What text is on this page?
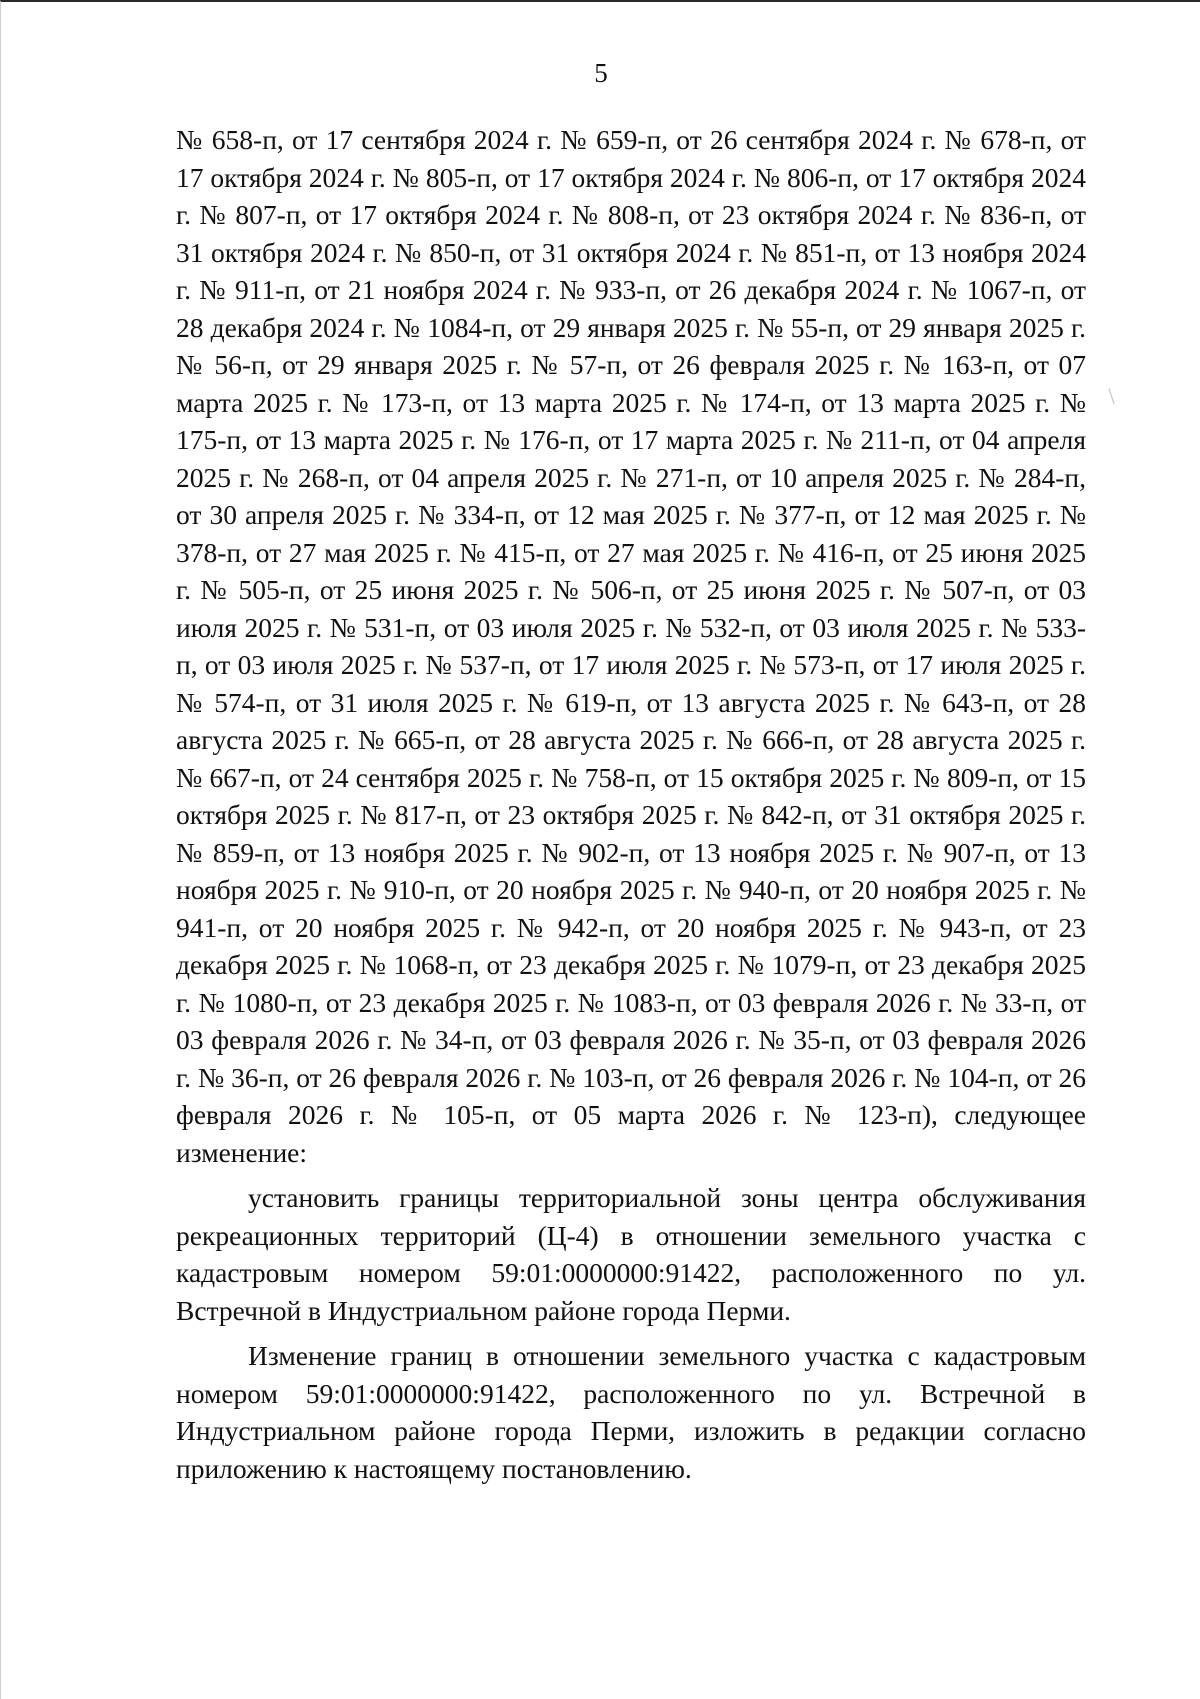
5

№ 658-п, от 17 сентября 2024 г. № 659-п, от 26 сентября 2024 г. № 678-п, от 17 октября 2024 г. № 805-п, от 17 октября 2024 г. № 806-п, от 17 октября 2024 г. № 807-п, от 17 октября 2024 г. № 808-п, от 23 октября 2024 г. № 836-п, от 31 октября 2024 г. № 850-п, от 31 октября 2024 г. № 851-п, от 13 ноября 2024 г. № 911-п, от 21 ноября 2024 г. № 933-п, от 26 декабря 2024 г. № 1067-п, от 28 декабря 2024 г. № 1084-п, от 29 января 2025 г. № 55-п, от 29 января 2025 г. № 56-п, от 29 января 2025 г. № 57-п, от 26 февраля 2025 г. № 163-п, от 07 марта 2025 г. № 173-п, от 13 марта 2025 г. № 174-п, от 13 марта 2025 г. № 175-п, от 13 марта 2025 г. № 176-п, от 17 марта 2025 г. № 211-п, от 04 апреля 2025 г. № 268-п, от 04 апреля 2025 г. № 271-п, от 10 апреля 2025 г. № 284-п, от 30 апреля 2025 г. № 334-п, от 12 мая 2025 г. № 377-п, от 12 мая 2025 г. № 378-п, от 27 мая 2025 г. № 415-п, от 27 мая 2025 г. № 416-п, от 25 июня 2025 г. № 505-п, от 25 июня 2025 г. № 506-п, от 25 июня 2025 г. № 507-п, от 03 июля 2025 г. № 531-п, от 03 июля 2025 г. № 532-п, от 03 июля 2025 г. № 533-п, от 03 июля 2025 г. № 537-п, от 17 июля 2025 г. № 573-п, от 17 июля 2025 г. № 574-п, от 31 июля 2025 г. № 619-п, от 13 августа 2025 г. № 643-п, от 28 августа 2025 г. № 665-п, от 28 августа 2025 г. № 666-п, от 28 августа 2025 г. № 667-п, от 24 сентября 2025 г. № 758-п, от 15 октября 2025 г. № 809-п, от 15 октября 2025 г. № 817-п, от 23 октября 2025 г. № 842-п, от 31 октября 2025 г. № 859-п, от 13 ноября 2025 г. № 902-п, от 13 ноября 2025 г. № 907-п, от 13 ноября 2025 г. № 910-п, от 20 ноября 2025 г. № 940-п, от 20 ноября 2025 г. № 941-п, от 20 ноября 2025 г. № 942-п, от 20 ноября 2025 г. № 943-п, от 23 декабря 2025 г. № 1068-п, от 23 декабря 2025 г. № 1079-п, от 23 декабря 2025 г. № 1080-п, от 23 декабря 2025 г. № 1083-п, от 03 февраля 2026 г. № 33-п, от 03 февраля 2026 г. № 34-п, от 03 февраля 2026 г. № 35-п, от 03 февраля 2026 г. № 36-п, от 26 февраля 2026 г. № 103-п, от 26 февраля 2026 г. № 104-п, от 26 февраля 2026 г. № 105-п, от 05 марта 2026 г. № 123-п), следующее изменение:

установить границы территориальной зоны центра обслуживания рекреационных территорий (Ц-4) в отношении земельного участка с кадастровым номером 59:01:0000000:91422, расположенного по ул. Встречной в Индустриальном районе города Перми.

Изменение границ в отношении земельного участка с кадастровым номером 59:01:0000000:91422, расположенного по ул. Встречной в Индустриальном районе города Перми, изложить в редакции согласно приложению к настоящему постановлению.
